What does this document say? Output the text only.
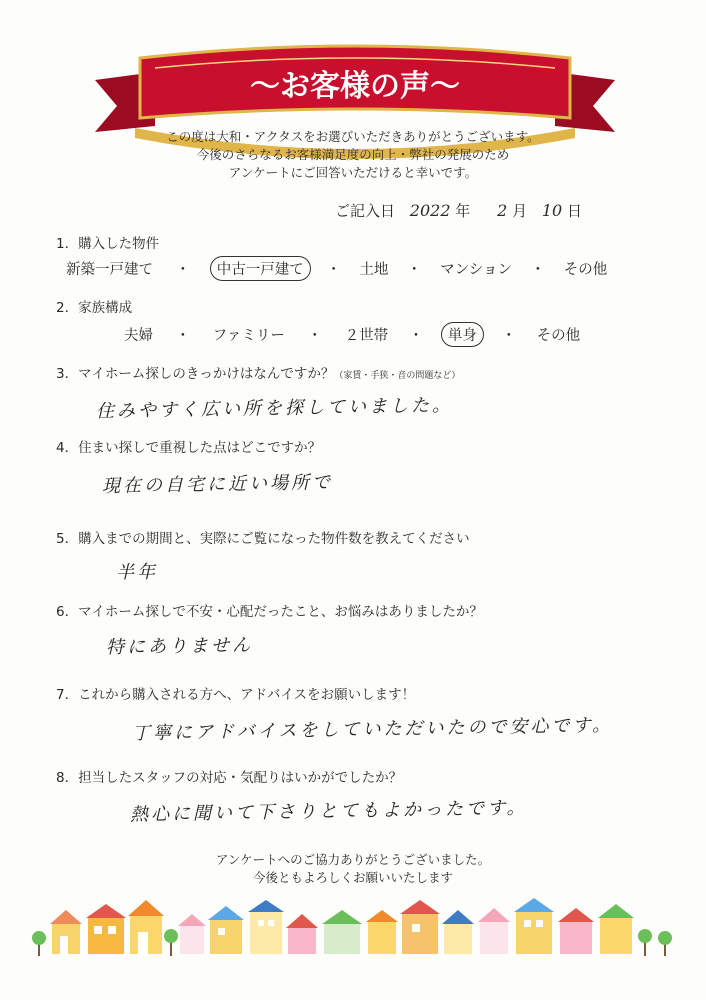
〜お客様の声〜
この度は大和・アクタスをお選びいただきありがとうございます。
今後のさらなるお客様満足度の向上・弊社の発展のため
アンケートにご回答いただけると幸いです。
ご記入日 2022 年 2 月 10 日
1．購入した物件
新築一戸建て ・ 中古一戸建て ・ 土地 ・ マンション ・ その他
2．家族構成
夫婦 ・ ファミリー ・ ２世帯 ・ 単身 ・ その他
3．マイホーム探しのきっかけはなんですか？（家賃・手狭・音の問題など）
住みやすく広い所を探していました。
4．住まい探しで重視した点はどこですか？
現在の自宅に近い場所で
5．購入までの期間と、実際にご覧になった物件数を教えてください
半年
6．マイホーム探しで不安・心配だったこと、お悩みはありましたか？
特にありません
7．これから購入される方へ、アドバイスをお願いします！
丁寧にアドバイスをしていただいたので安心です。
8．担当したスタッフの対応・気配りはいかがでしたか？
熱心に聞いて下さりとてもよかったです。
アンケートへのご協力ありがとうございました。
今後ともよろしくお願いいたします
